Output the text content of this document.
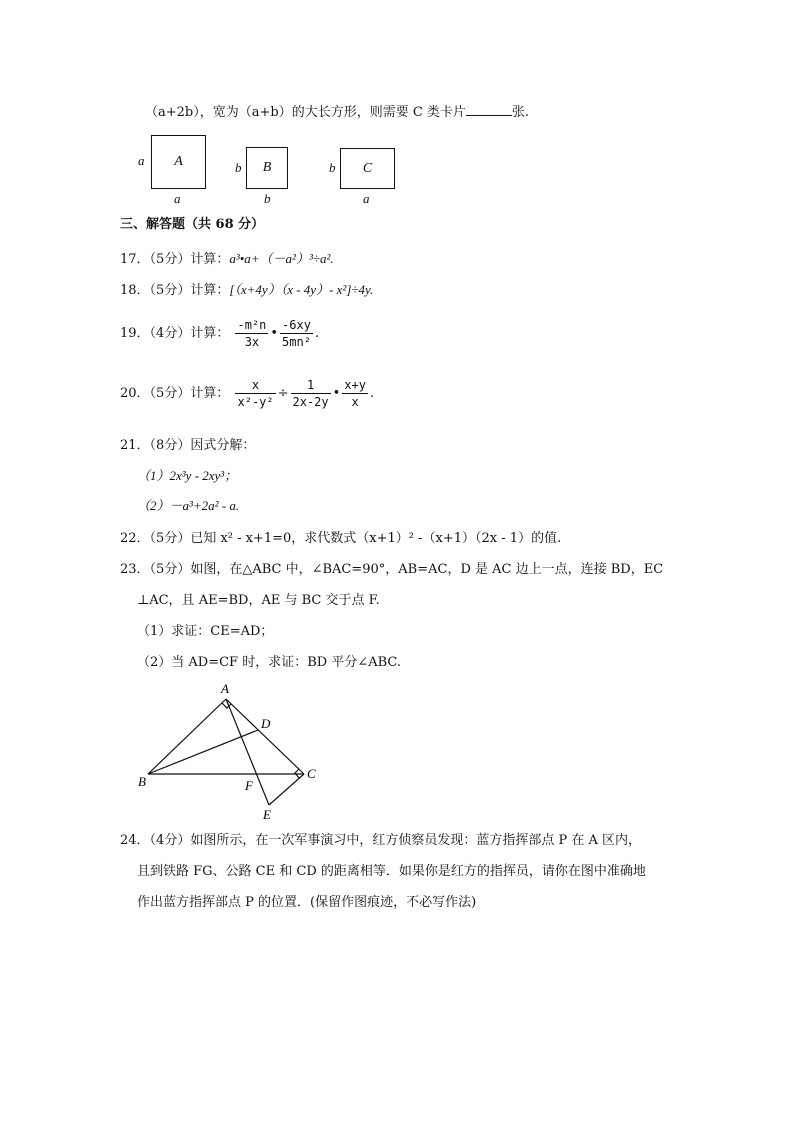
（a+2b），宽为（a+b）的大长方形，则需要 C 类卡片	张.
a A
a
b B
b
b C
a
三、解答题（共 68 分）
17．（5分）计算：a³•a+（－a²）³÷a².
18．（5分）计算：[（x+4y）（x - 4y）- x²]÷4y.
19．（4分）计算： $\frac{\text{-m²n}}{3x}$ • $\frac{-6xy}{\text{5mn²}}$ .
20．（5分）计算： $\frac{x}{\text{x²-y²}} \div \frac{1}{2x-2y}$ • $\frac{x+y}{x}$ .
21．（8分）因式分解：
（1）2x³y - 2xy³；
（2）－a³+2a² - a.
22．（5分）已知 x² - x+1=0，求代数式（x+1）² -（x+1）（2x - 1）的值.
23．（5分）如图，在△ABC 中，∠BAC=90°，AB=AC，D 是 AC 边上一点，连接 BD，EC
⊥AC，且 AE=BD，AE 与 BC 交于点 F.
（1）求证：CE=AD；
（2）当 AD=CF 时，求证：BD 平分∠ABC.
A
D
B
C
F
E
24．（4分）如图所示，在一次军事演习中，红方侦察员发现：蓝方指挥部点 P 在 A 区内，
且到铁路 FG、公路 CE 和 CD 的距离相等．如果你是红方的指挥员，请你在图中准确地
作出蓝方指挥部点 P 的位置．(保留作图痕迹，不必写作法)
